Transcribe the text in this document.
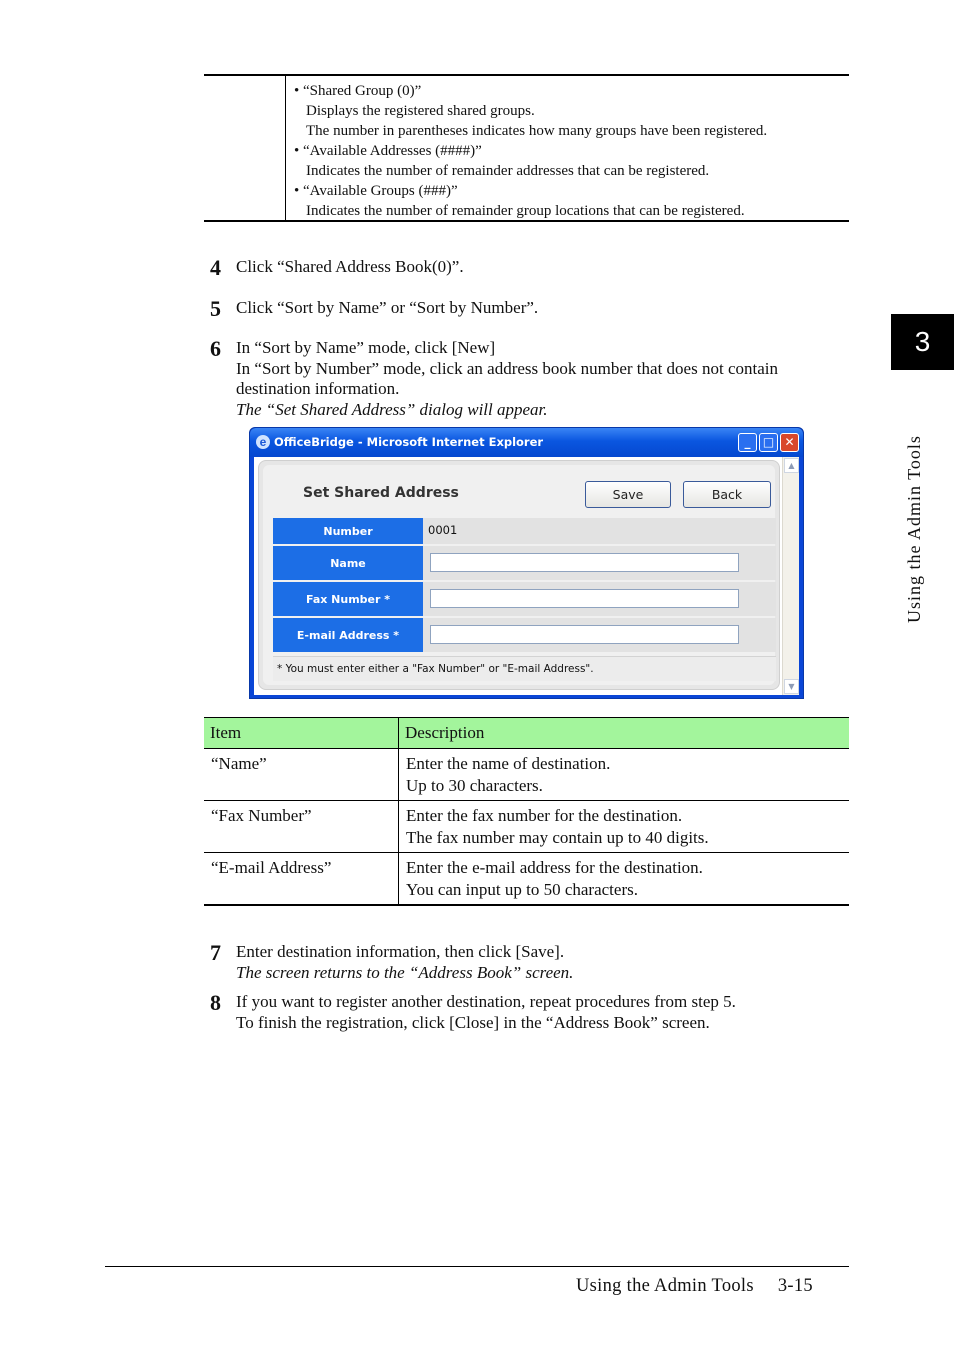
• “Shared Group (0)”
Displays the registered shared groups.
The number in parentheses indicates how many groups have been registered.
• “Available Addresses (####)”
Indicates the number of remainder addresses that can be registered.
• “Available Groups (###)”
Indicates the number of remainder group locations that can be registered.
4 Click “Shared Address Book(0)”.
5 Click “Sort by Name” or “Sort by Number”.
6 In “Sort by Name” mode, click [New]
In “Sort by Number” mode, click an address book number that does not contain
destination information.
The “Set Shared Address” dialog will appear.
3
Using the Admin Tools
e OfficeBridge - Microsoft Internet Explorer	_	□ ✕
Set Shared Address	Save	Back
Number	0001
Name
Fax Number *
E-mail Address *
* You must enter either a "Fax Number" or "E-mail Address".
▲
▼
Item	Description
“Name”	Enter the name of destination.
Up to 30 characters.

“Fax Number”	Enter the fax number for the destination.
The fax number may contain up to 40 digits.

“E-mail Address”	Enter the e-mail address for the destination.
You can input up to 50 characters.
7 Enter destination information, then click [Save].
The screen returns to the “Address Book” screen.
8 If you want to register another destination, repeat procedures from step 5.
To finish the registration, click [Close] in the “Address Book” screen.
Using the Admin Tools 3-15
